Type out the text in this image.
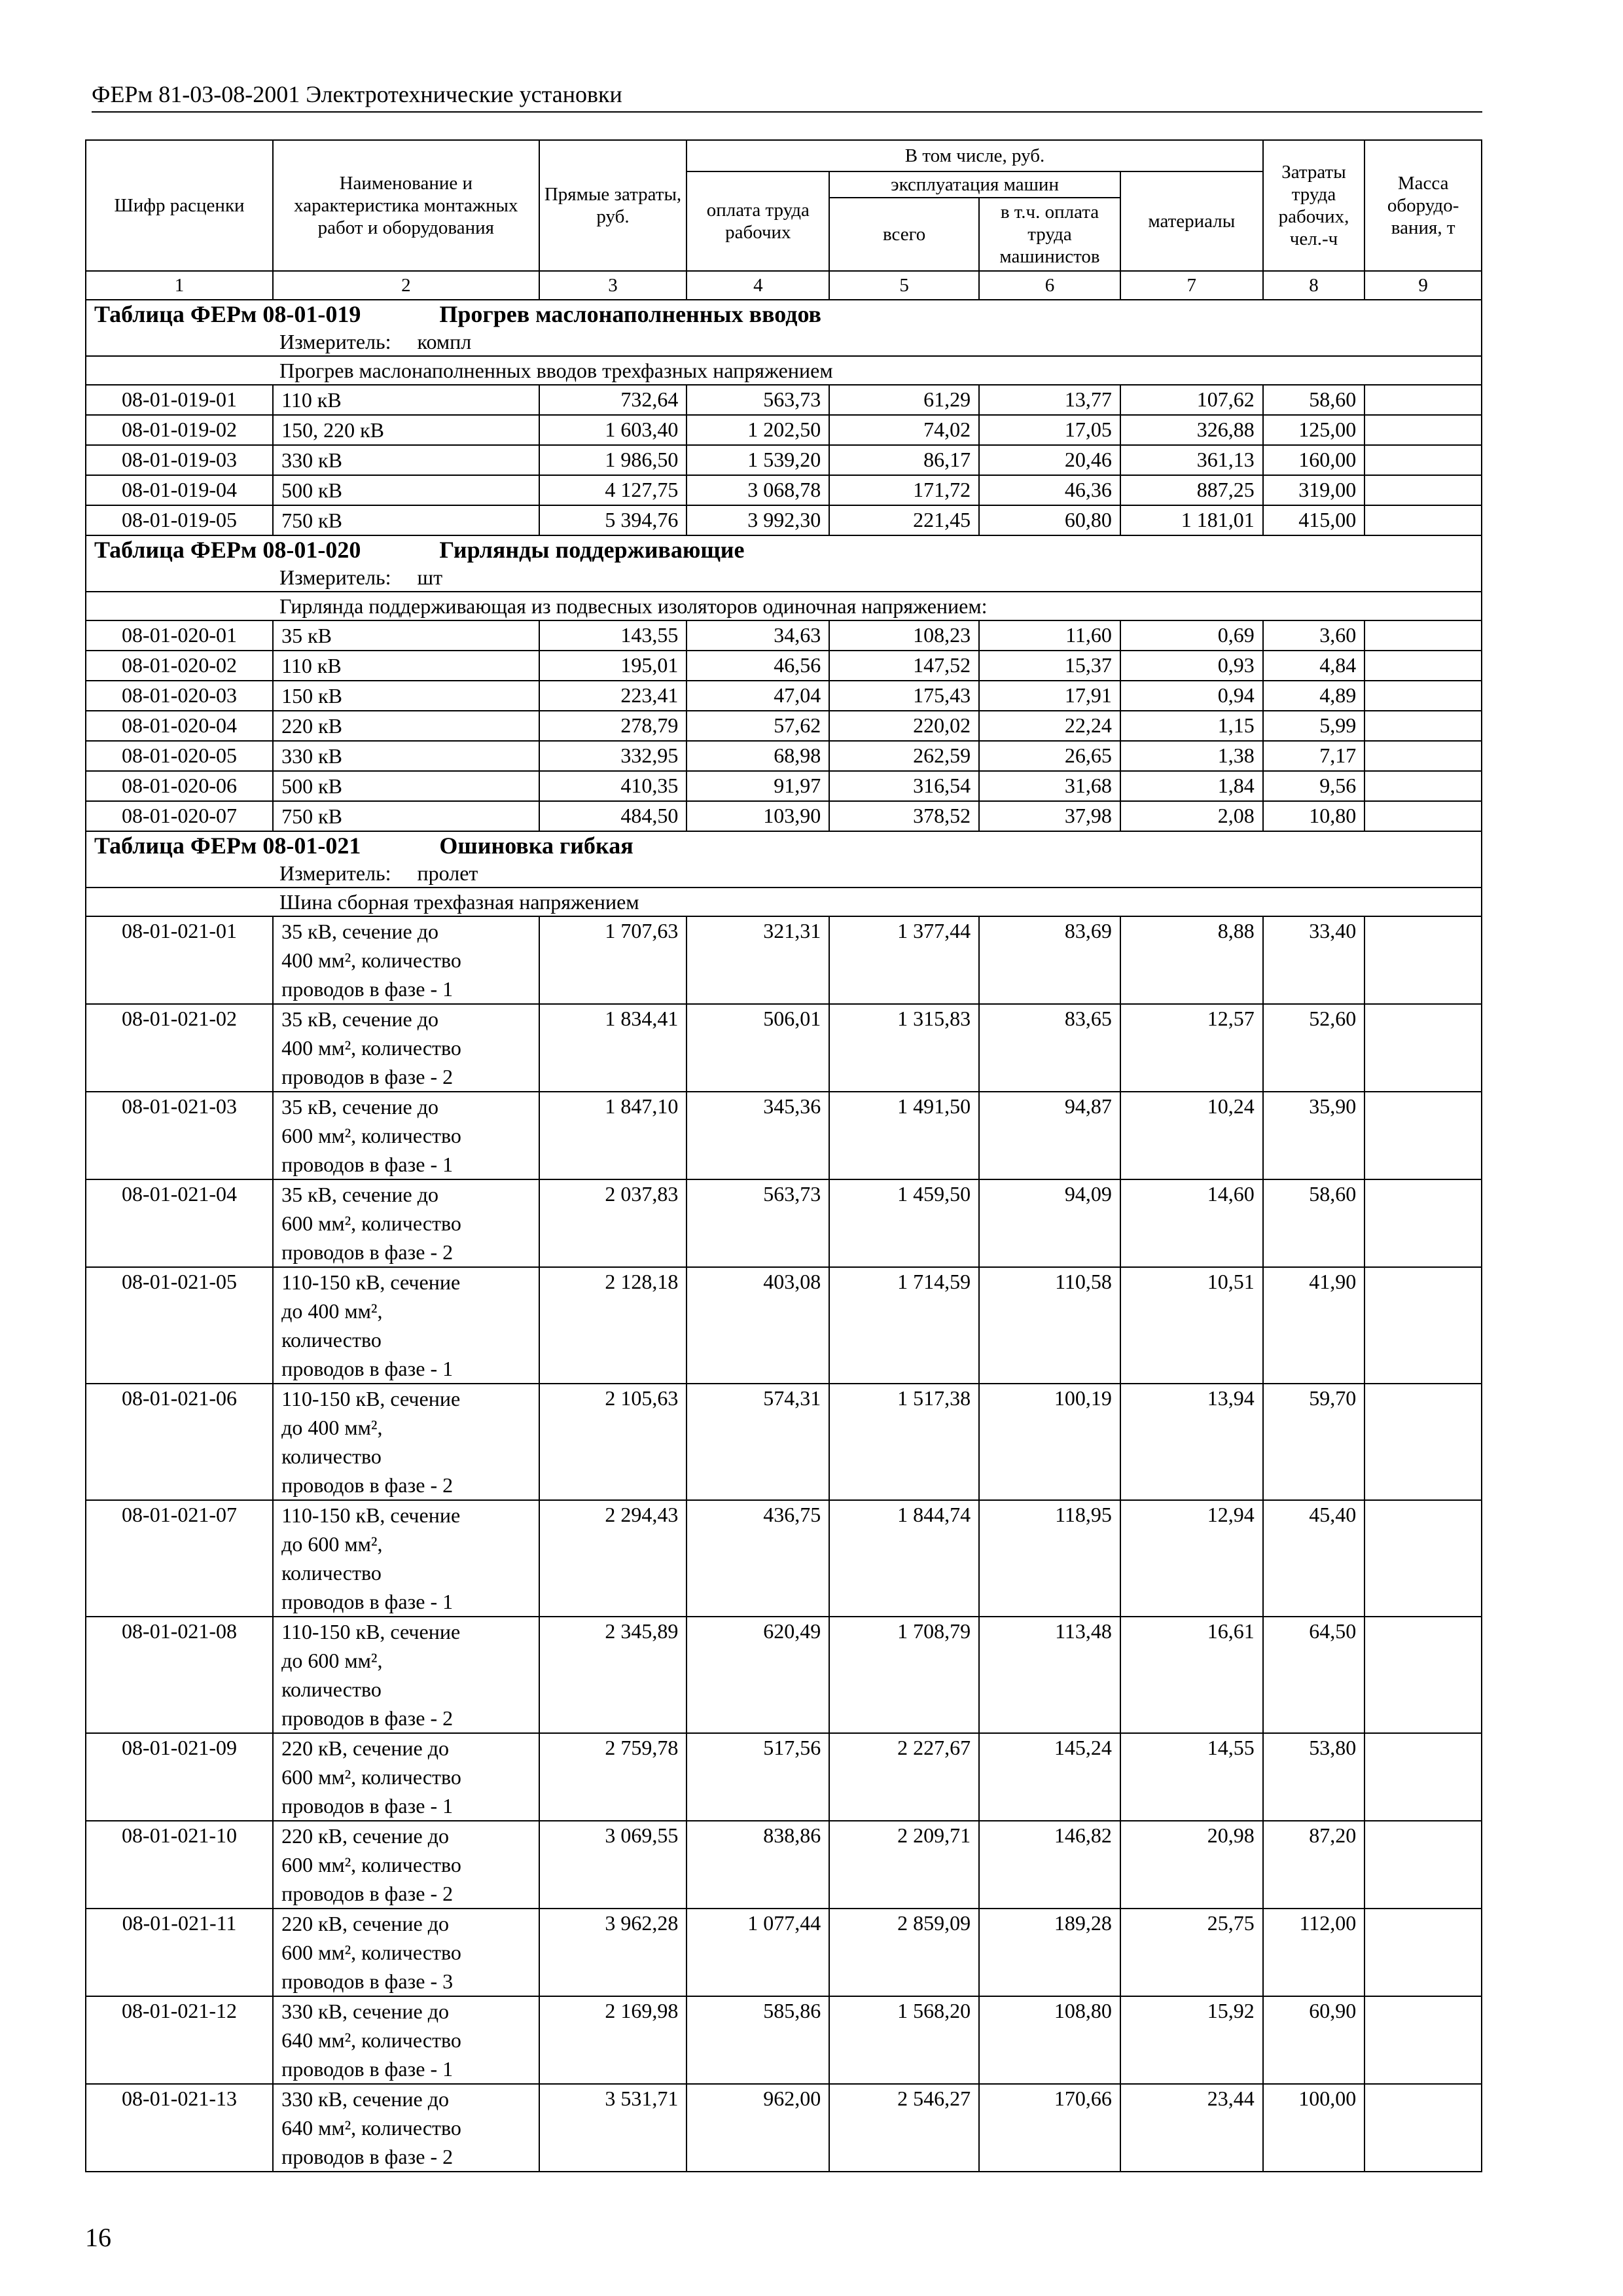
ФЕРм 81-03-08-2001 Электротехнические установки
Шифр расценки	Наименование и характеристика монтажных работ и оборудования	Прямые затраты, руб.	В том числе, руб.				Затраты труда рабочих, чел.-ч	Масса оборудо-вания, т
			оплата труда рабочих	эксплуатация машин		материалы		
				всего	в т.ч. оплата труда машинистов			
1	2	3	4	5	6	7	8	9
Таблица ФЕРм 08-01-019 Прогрев маслонаполненных вводов								
Измеритель: компл								
Прогрев маслонаполненных вводов трехфазных напряжением								
08-01-019-01	110 кВ	732,64	563,73	61,29	13,77	107,62	58,60	
08-01-019-02	150, 220 кВ	1 603,40	1 202,50	74,02	17,05	326,88	125,00	
08-01-019-03	330 кВ	1 986,50	1 539,20	86,17	20,46	361,13	160,00	
08-01-019-04	500 кВ	4 127,75	3 068,78	171,72	46,36	887,25	319,00	
08-01-019-05	750 кВ	5 394,76	3 992,30	221,45	60,80	1 181,01	415,00	
Таблица ФЕРм 08-01-020 Гирлянды поддерживающие								
Измеритель: шт								
Гирлянда поддерживающая из подвесных изоляторов одиночная напряжением:								
08-01-020-01	35 кВ	143,55	34,63	108,23	11,60	0,69	3,60	
08-01-020-02	110 кВ	195,01	46,56	147,52	15,37	0,93	4,84	
08-01-020-03	150 кВ	223,41	47,04	175,43	17,91	0,94	4,89	
08-01-020-04	220 кВ	278,79	57,62	220,02	22,24	1,15	5,99	
08-01-020-05	330 кВ	332,95	68,98	262,59	26,65	1,38	7,17	
08-01-020-06	500 кВ	410,35	91,97	316,54	31,68	1,84	9,56	
08-01-020-07	750 кВ	484,50	103,90	378,52	37,98	2,08	10,80	
Таблица ФЕРм 08-01-021 Ошиновка гибкая								
Измеритель: пролет								
Шина сборная трехфазная напряжением								
08-01-021-01	35 кВ, сечение до
400 мм², количество
проводов в фазе - 1	1 707,63	321,31	1 377,44	83,69	8,88	33,40	
08-01-021-02	35 кВ, сечение до
400 мм², количество
проводов в фазе - 2	1 834,41	506,01	1 315,83	83,65	12,57	52,60	
08-01-021-03	35 кВ, сечение до
600 мм², количество
проводов в фазе - 1	1 847,10	345,36	1 491,50	94,87	10,24	35,90	
08-01-021-04	35 кВ, сечение до
600 мм², количество
проводов в фазе - 2	2 037,83	563,73	1 459,50	94,09	14,60	58,60	
08-01-021-05	110-150 кВ, сечение
до 400 мм²,
количество
проводов в фазе - 1	2 128,18	403,08	1 714,59	110,58	10,51	41,90	
08-01-021-06	110-150 кВ, сечение
до 400 мм²,
количество
проводов в фазе - 2	2 105,63	574,31	1 517,38	100,19	13,94	59,70	
08-01-021-07	110-150 кВ, сечение
до 600 мм²,
количество
проводов в фазе - 1	2 294,43	436,75	1 844,74	118,95	12,94	45,40	
08-01-021-08	110-150 кВ, сечение
до 600 мм²,
количество
проводов в фазе - 2	2 345,89	620,49	1 708,79	113,48	16,61	64,50	
08-01-021-09	220 кВ, сечение до
600 мм², количество
проводов в фазе - 1	2 759,78	517,56	2 227,67	145,24	14,55	53,80	
08-01-021-10	220 кВ, сечение до
600 мм², количество
проводов в фазе - 2	3 069,55	838,86	2 209,71	146,82	20,98	87,20	
08-01-021-11	220 кВ, сечение до
600 мм², количество
проводов в фазе - 3	3 962,28	1 077,44	2 859,09	189,28	25,75	112,00	
08-01-021-12	330 кВ, сечение до
640 мм², количество
проводов в фазе - 1	2 169,98	585,86	1 568,20	108,80	15,92	60,90	
08-01-021-13	330 кВ, сечение до
640 мм², количество
проводов в фазе - 2	3 531,71	962,00	2 546,27	170,66	23,44	100,00	
16
